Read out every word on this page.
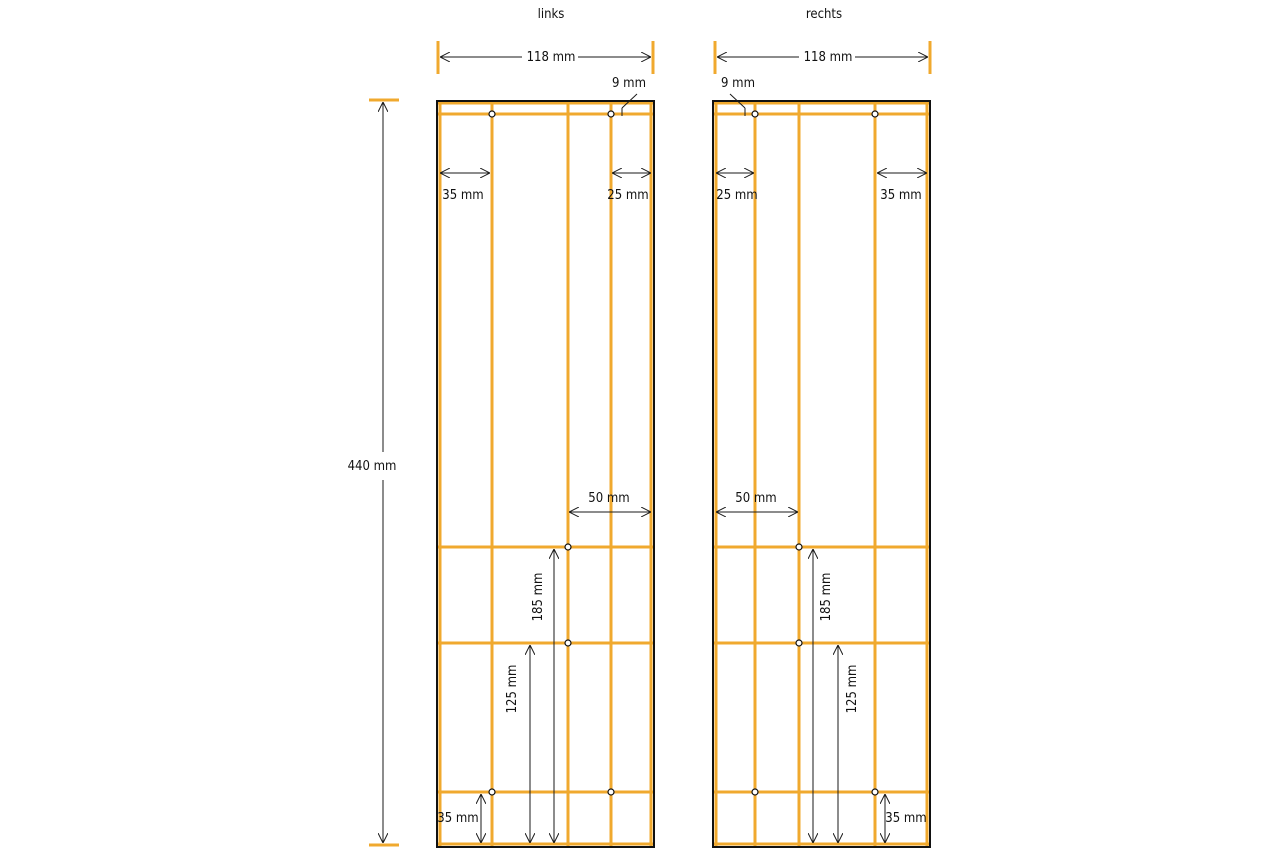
links	rechts
118 mm
9 mm
35 mm	25 mm
50 mm
185 mm
125 mm
35 mm
440 mm
118 mm
9 mm
25 mm	35 mm
50 mm
185 mm
125 mm
35 mm
